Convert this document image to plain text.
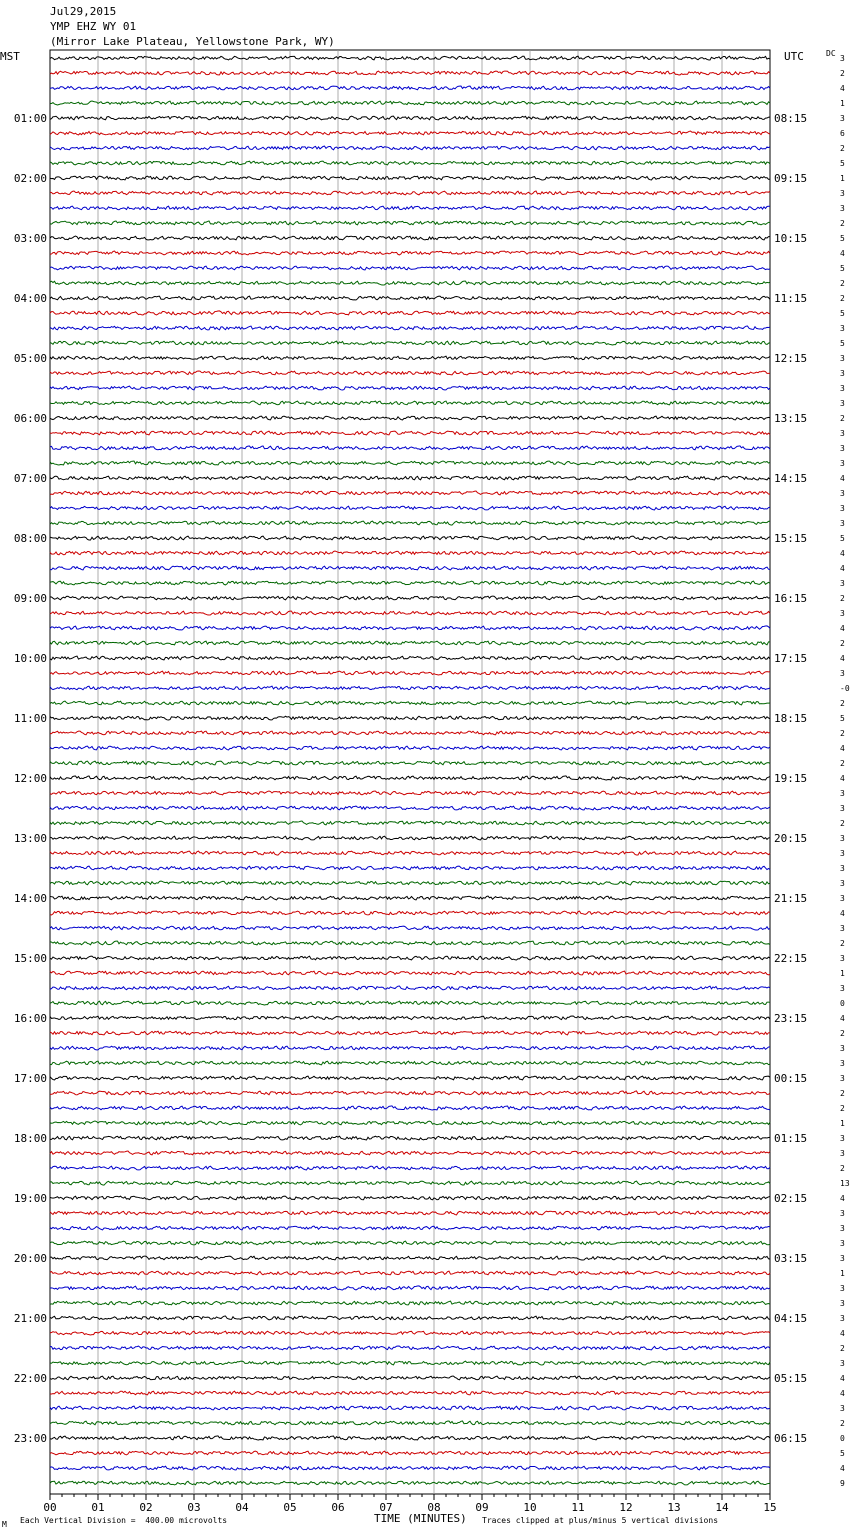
Jul29,2015
YMP EHZ WY 01
(Mirror Lake Plateau, Yellowstone Park, WY)
MST	UTC	DC
00	01	02	03	04	05	06	07	08	09	10	11	12	13	14	15
3
2
4
1
3
6
2
5
1
3
3
2
5
4
5
2
2
5
3
5
3
3
3
3
2
3
3
3
4
3
3
3
5
4
4
3
2
3
4
2
4
3
-0
2
5
2
4
2
4
3
3
2
3
3
3
3
3
4
3
2
3
1
3
0
4
2
3
3
3
2
2
1
3
3
2
13
4
3
3
3
3
1
3
3
3
4
2
3
4
4
3
2
0
5
4
9
01:00	08:15
02:00	09:15
03:00	10:15
04:00	11:15
05:00	12:15
06:00	13:15
07:00	14:15
08:00	15:15
09:00	16:15
10:00	17:15
11:00	18:15
12:00	19:15
13:00	20:15
14:00	21:15
15:00	22:15
16:00	23:15
17:00	00:15
18:00	01:15
19:00	02:15
20:00	03:15
21:00	04:15
22:00	05:15
23:00	06:15
M Each Vertical Division =  400.00 microvolts	TIME (MINUTES) Traces clipped at plus/minus 5 vertical divisions
